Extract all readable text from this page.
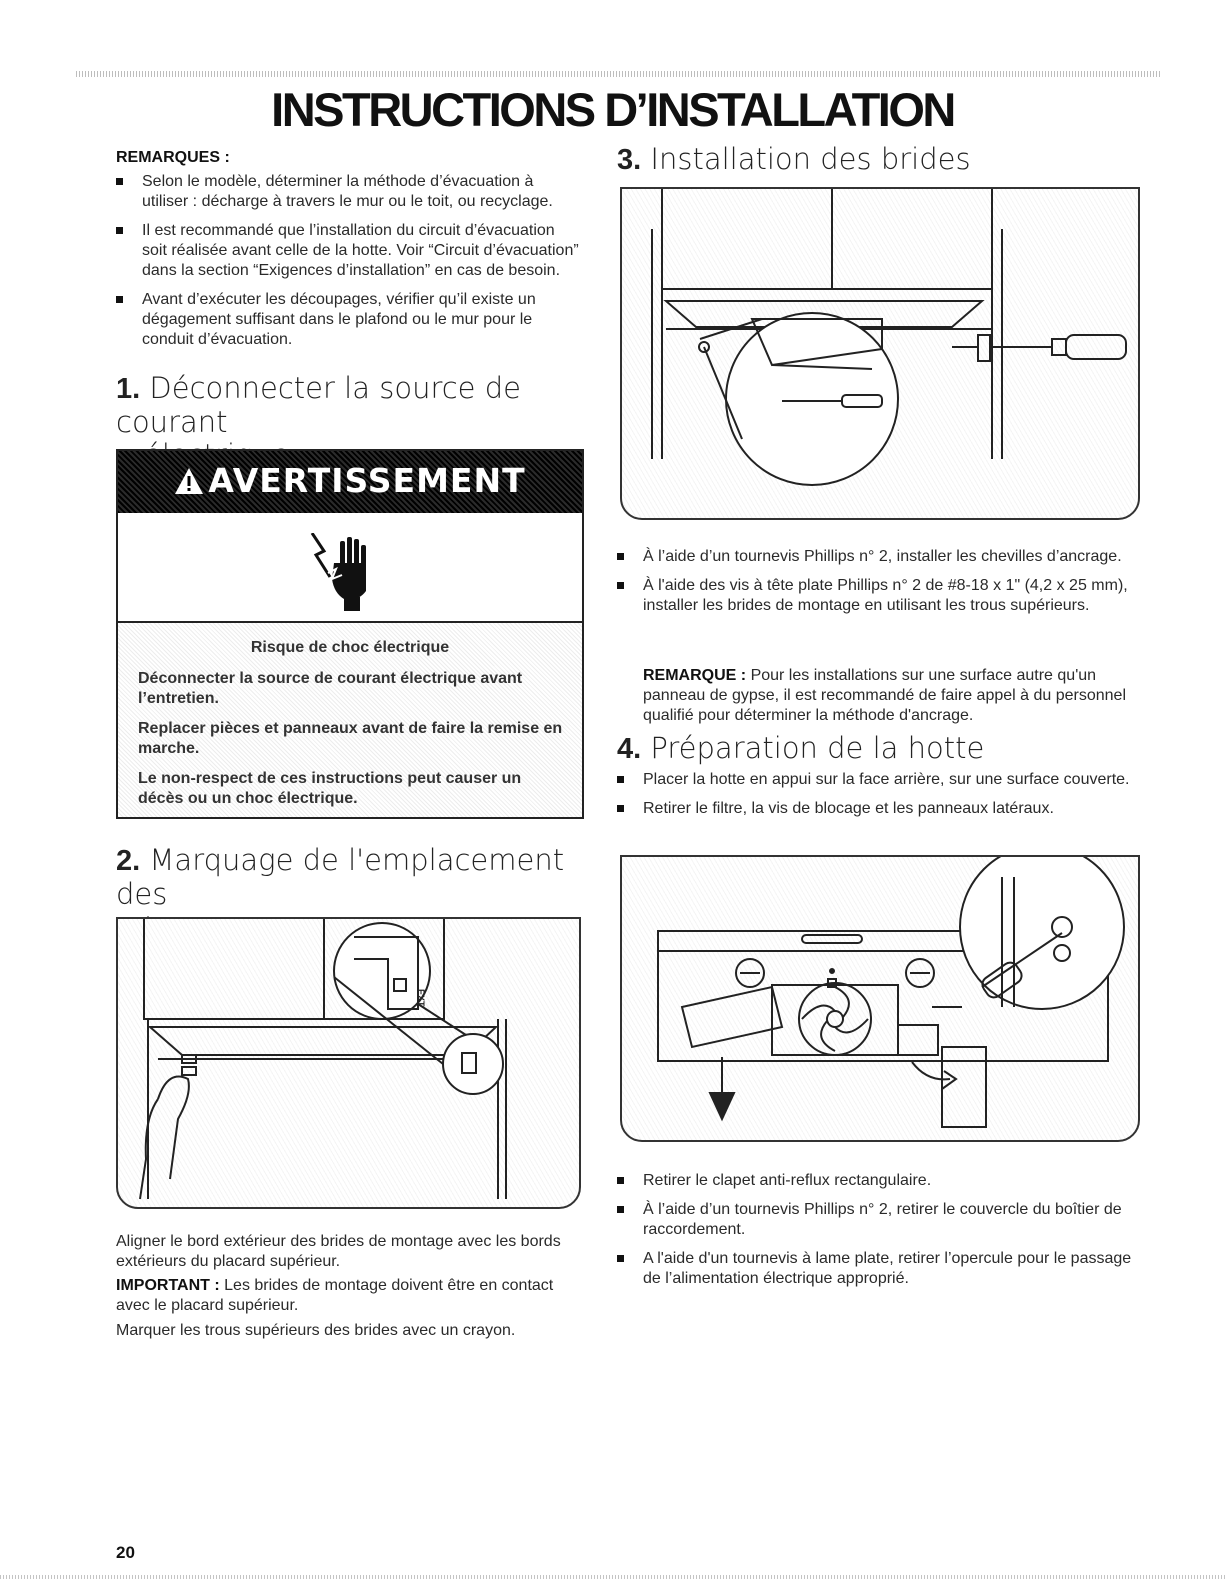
INSTRUCTIONS D’INSTALLATION
REMARQUES :
Selon le modèle, déterminer la méthode d’évacuation à utiliser : décharge à travers le mur ou le toit, ou recyclage.
Il est recommandé que l’installation du circuit d’évacuation soit réalisée avant celle de la hotte. Voir “Circuit d’évacuation” dans la section “Exigences d’installation” en cas de besoin.
Avant d’exécuter les découpages, vérifier qu’il existe un dégagement suffisant dans le plafond ou le mur pour le conduit d’évacuation.
1. Déconnecter la source de courant
AVERTISSEMENT
Risque de choc électrique
Déconnecter la source de courant électrique avant l’entretien.
Replacer pièces et panneaux avant de faire la remise en marche.
Le non-respect de ces instructions peut causer un décès ou un choc électrique.
2. Marquage de l'emplacement des
EXT
Aligner le bord extérieur des brides de montage avec les bords extérieurs du placard supérieur.
IMPORTANT : Les brides de montage doivent être en contact avec le placard supérieur.
Marquer les trous supérieurs des brides avec un crayon.
3. Installation des brides
À l’aide d’un tournevis Phillips n° 2, installer les chevilles d’ancrage.
À l'aide des vis à tête plate Phillips n° 2 de #8-18 x 1" (4,2 x 25 mm), installer les brides de montage en utilisant les trous supérieurs.
REMARQUE : Pour les installations sur une surface autre qu'un panneau de gypse, il est recommandé de faire appel à du personnel qualifié pour déterminer la méthode d'ancrage.
4. Préparation de la hotte
Placer la hotte en appui sur la face arrière, sur une surface couverte.
Retirer le filtre, la vis de blocage et les panneaux latéraux.
Retirer le clapet anti-reflux rectangulaire.
À l’aide d’un tournevis Phillips n° 2, retirer le couvercle du boîtier de raccordement.
A l'aide d'un tournevis à lame plate, retirer l’opercule pour le passage de l’alimentation électrique approprié.
20
